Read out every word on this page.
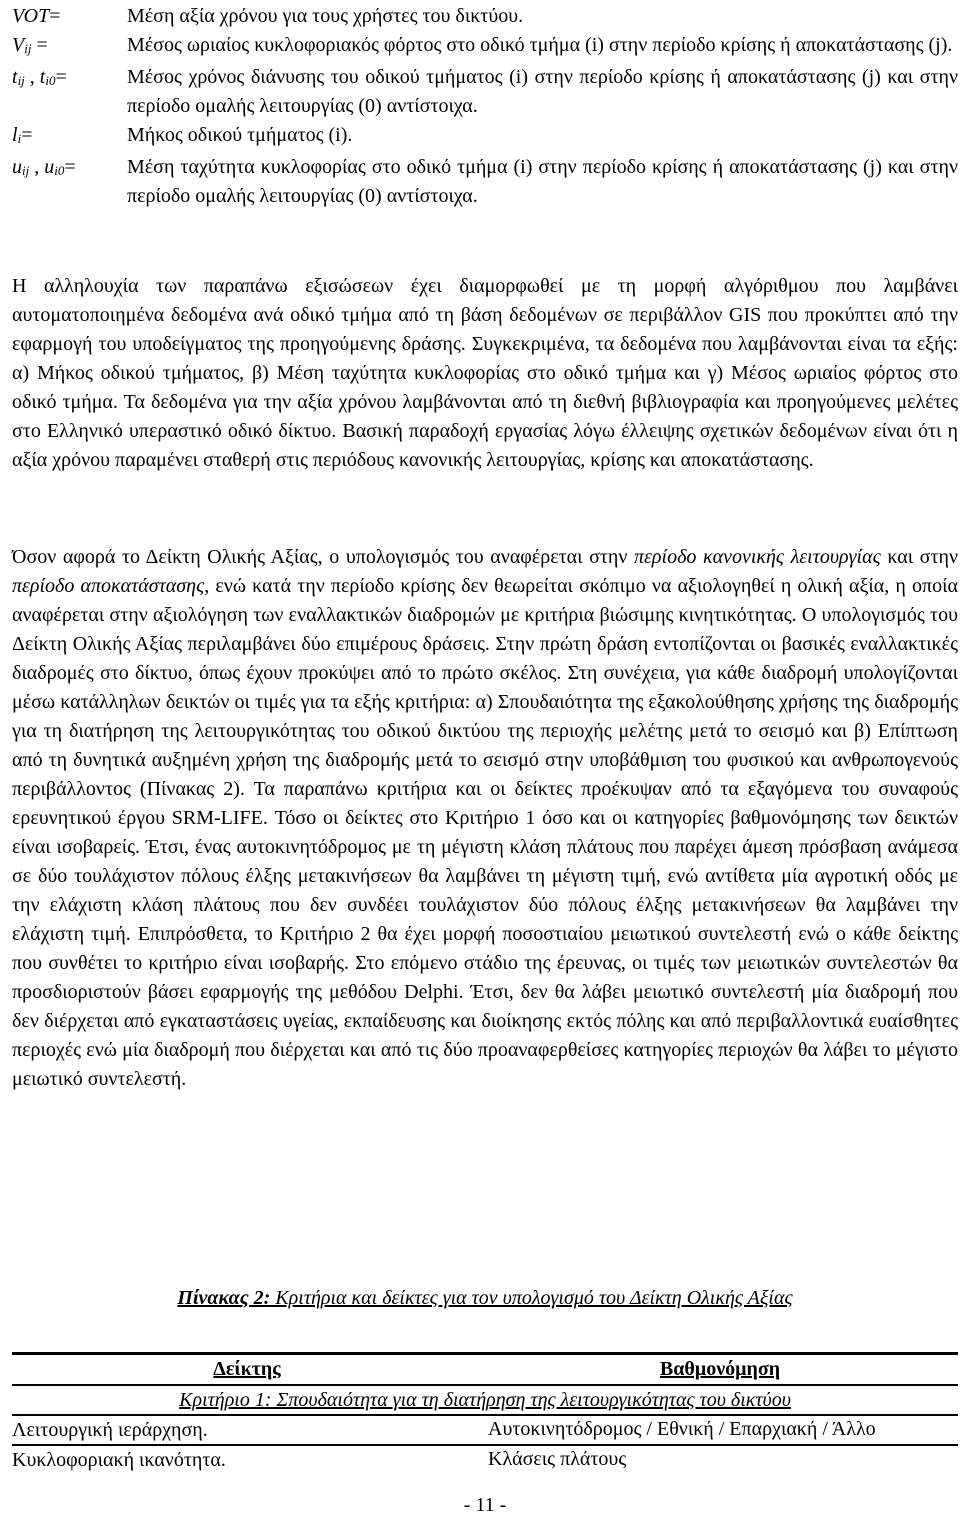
VOT=	Μέση αξία χρόνου για τους χρήστες του δικτύου.
Vij =	Μέσος ωριαίος κυκλοφοριακός φόρτος στο οδικό τμήμα (i) στην περίοδο κρίσης ή αποκατάστασης (j).
tij , ti0=	Μέσος χρόνος διάνυσης του οδικού τμήματος (i) στην περίοδο κρίσης ή αποκατάστασης (j) και στην περίοδο ομαλής λειτουργίας (0) αντίστοιχα.
li=	Μήκος οδικού τμήματος (i).
uij , ui0=	Μέση ταχύτητα κυκλοφορίας στο οδικό τμήμα (i) στην περίοδο κρίσης ή αποκατάστασης (j) και στην περίοδο ομαλής λειτουργίας (0) αντίστοιχα.

Η αλληλουχία των παραπάνω εξισώσεων έχει διαμορφωθεί με τη μορφή αλγόριθμου που λαμβάνει αυτοματοποιημένα δεδομένα ανά οδικό τμήμα από τη βάση δεδομένων σε περιβάλλον GIS που προκύπτει από την εφαρμογή του υποδείγματος της προηγούμενης δράσης. Συγκεκριμένα, τα δεδομένα που λαμβάνονται είναι τα εξής: α) Μήκος οδικού τμήματος, β) Μέση ταχύτητα κυκλοφορίας στο οδικό τμήμα και γ) Μέσος ωριαίος φόρτος στο οδικό τμήμα. Τα δεδομένα για την αξία χρόνου λαμβάνονται από τη διεθνή βιβλιογραφία και προηγούμενες μελέτες στο Ελληνικό υπεραστικό οδικό δίκτυο. Βασική παραδοχή εργασίας λόγω έλλειψης σχετικών δεδομένων είναι ότι η αξία χρόνου παραμένει σταθερή στις περιόδους κανονικής λειτουργίας, κρίσης και αποκατάστασης.

Όσον αφορά το Δείκτη Ολικής Αξίας, ο υπολογισμός του αναφέρεται στην περίοδο κανονικής λειτουργίας και στην περίοδο αποκατάστασης, ενώ κατά την περίοδο κρίσης δεν θεωρείται σκόπιμο να αξιολογηθεί η ολική αξία, η οποία αναφέρεται στην αξιολόγηση των εναλλακτικών διαδρομών με κριτήρια βιώσιμης κινητικότητας. Ο υπολογισμός του Δείκτη Ολικής Αξίας περιλαμβάνει δύο επιμέρους δράσεις. Στην πρώτη δράση εντοπίζονται οι βασικές εναλλακτικές διαδρομές στο δίκτυο, όπως έχουν προκύψει από το πρώτο σκέλος. Στη συνέχεια, για κάθε διαδρομή υπολογίζονται μέσω κατάλληλων δεικτών οι τιμές για τα εξής κριτήρια: α) Σπουδαιότητα της εξακολούθησης χρήσης της διαδρομής για τη διατήρηση της λειτουργικότητας του οδικού δικτύου της περιοχής μελέτης μετά το σεισμό και β) Επίπτωση από τη δυνητικά αυξημένη χρήση της διαδρομής μετά το σεισμό στην υποβάθμιση του φυσικού και ανθρωπογενούς περιβάλλοντος (Πίνακας 2). Τα παραπάνω κριτήρια και οι δείκτες προέκυψαν από τα εξαγόμενα του συναφούς ερευνητικού έργου SRM-LIFE. Τόσο οι δείκτες στο Κριτήριο 1 όσο και οι κατηγορίες βαθμονόμησης των δεικτών είναι ισοβαρείς. Έτσι, ένας αυτοκινητόδρομος με τη μέγιστη κλάση πλάτους που παρέχει άμεση πρόσβαση ανάμεσα σε δύο τουλάχιστον πόλους έλξης μετακινήσεων θα λαμβάνει τη μέγιστη τιμή, ενώ αντίθετα μία αγροτική οδός με την ελάχιστη κλάση πλάτους που δεν συνδέει τουλάχιστον δύο πόλους έλξης μετακινήσεων θα λαμβάνει την ελάχιστη τιμή. Επιπρόσθετα, το Κριτήριο 2 θα έχει μορφή ποσοστιαίου μειωτικού συντελεστή ενώ ο κάθε δείκτης που συνθέτει το κριτήριο είναι ισοβαρής. Στο επόμενο στάδιο της έρευνας, οι τιμές των μειωτικών συντελεστών θα προσδιοριστούν βάσει εφαρμογής της μεθόδου Delphi. Έτσι, δεν θα λάβει μειωτικό συντελεστή μία διαδρομή που δεν διέρχεται από εγκαταστάσεις υγείας, εκπαίδευσης και διοίκησης εκτός πόλης και από περιβαλλοντικά ευαίσθητες περιοχές ενώ μία διαδρομή που διέρχεται και από τις δύο προαναφερθείσες κατηγορίες περιοχών θα λάβει το μέγιστο μειωτικό συντελεστή.

Πίνακας 2: Κριτήρια και δείκτες για τον υπολογισμό του Δείκτη Ολικής Αξίας
Δείκτης	Βαθμονόμηση
Κριτήριο 1: Σπουδαιότητα για τη διατήρηση της λειτουργικότητας του δικτύου
Λειτουργική ιεράρχηση.	Αυτοκινητόδρομος / Εθνική / Επαρχιακή / Άλλο
Κυκλοφοριακή ικανότητα.	Κλάσεις πλάτους
- 11 -
